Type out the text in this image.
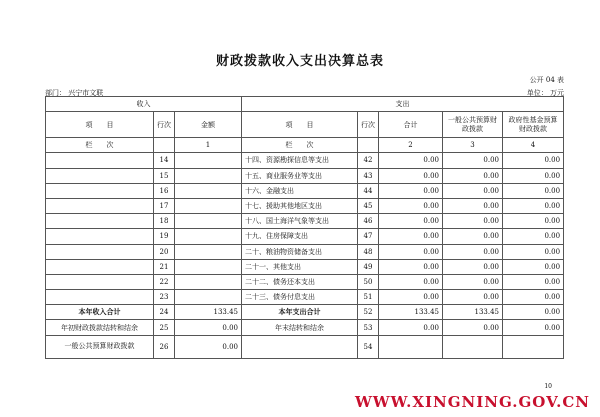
财政拨款收入支出决算总表
公开 04 表
部门： 兴宁市文联	单位： 万元
收入			支出				
项　　目	行次	金额	项　　目	行次	合计	一般公共预算财政拨款	政府性基金预算财政拨款
栏　　次		1	栏　　次		2	3	4
	14		十四、资源勘探信息等支出	42	0.00	0.00	0.00
	15		十五、商业服务业等支出	43	0.00	0.00	0.00
	16		十六、金融支出	44	0.00	0.00	0.00
	17		十七、援助其他地区支出	45	0.00	0.00	0.00
	18		十八、国土海洋气象等支出	46	0.00	0.00	0.00
	19		十九、住房保障支出	47	0.00	0.00	0.00
	20		二十、粮油物资储备支出	48	0.00	0.00	0.00
	21		二十一、其他支出	49	0.00	0.00	0.00
	22		二十二、债务还本支出	50	0.00	0.00	0.00
	23		二十三、债务付息支出	51	0.00	0.00	0.00
本年收入合计	24	133.45	本年支出合计	52	133.45	133.45	0.00
年初财政拨款结转和结余	25	0.00	年末结转和结余	53	0.00	0.00	0.00
一般公共预算财政拨款	26	0.00		54			
10
WWW.XINGNING.GOV.CN
